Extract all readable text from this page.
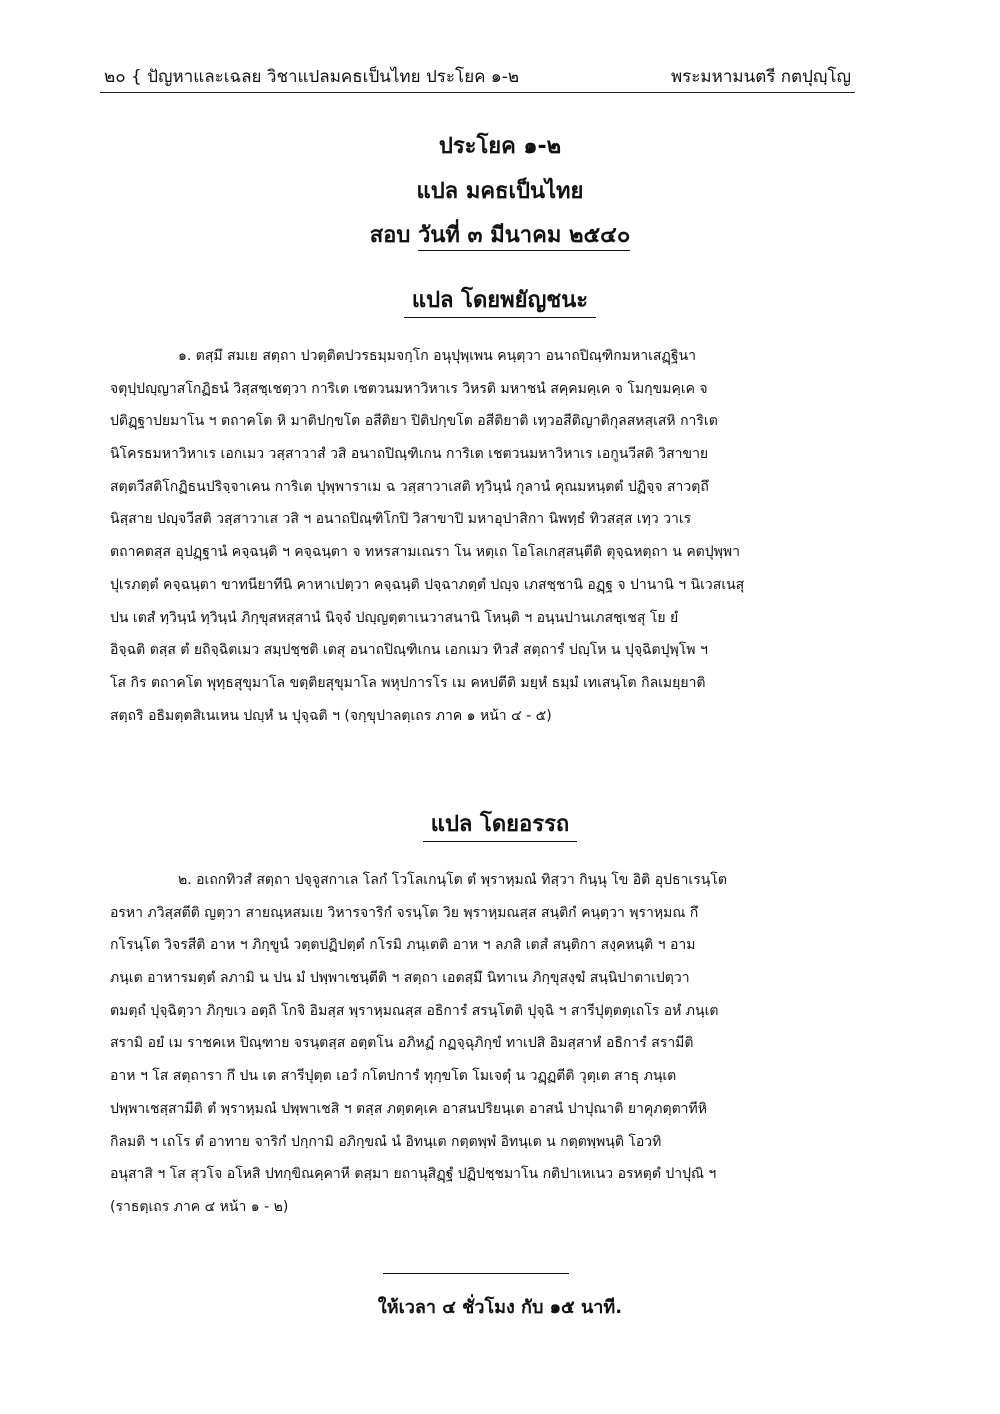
๒๐ { ปัญหาและเฉลย วิชาแปลมคธเป็นไทย ประโยค ๑-๒	พระมหามนตรี กตปุญฺโญ
ประโยค ๑-๒
แปล มคธเป็นไทย
สอบ วันที่ ๓ มีนาคม ๒๕๔๐
แปล โดยพยัญชนะ
๑. ตสฺมึ สมเย สตฺถา ปวตฺติตปวรธมฺมจกฺโก อนุปุพฺเพน คนฺตฺวา อนาถปิณฺฑิกมหาเสฏฺฐินา
จตุปฺปญฺญาสโกฏิธนํ วิสฺสชฺเชตฺวา การิเต เชตวนมหาวิหาเร วิหรติ มหาชนํ สคฺคมคฺเค จ โมกฺขมคฺเค จ
ปติฏฺฐาปยมาโน ฯ ตถาคโต หิ มาติปกฺขโต อสีติยา ปิติปกฺขโต อสีติยาติ เทฺวอสีติญาติกุลสหสฺเสหิ การิเต
นิโครธมหาวิหาเร เอกเมว วสฺสาวาสํ วสิ อนาถปิณฺฑิเกน การิเต เชตวนมหาวิหาเร เอกูนวีสติ วิสาขาย
สตฺตวีสติโกฏิธนปริจฺจาเคน การิเต ปุพฺพาราเม ฉ วสฺสาวาเสติ ทฺวินฺนํ กุลานํ คุณมหนฺตตํ ปฏิจฺจ สาวตฺถึ
นิสฺสาย ปญฺจวีสติ วสฺสาวาเส วสิ ฯ อนาถปิณฺฑิโกปิ วิสาขาปิ มหาอุปาสิกา นิพทฺธํ ทิวสสฺส เทฺว วาเร
ตถาคตสฺส อุปฏฺฐานํ คจฺฉนฺติ ฯ คจฺฉนฺตา จ ทหรสามเณรา โน หตฺเถ โอโลเกสฺสนฺตีติ ตุจฺฉหตฺถา น คตปุพฺพา
ปุเรภตฺตํ คจฺฉนฺตา ขาทนียาทีนิ คาหาเปตฺวา คจฺฉนฺติ ปจฺฉาภตฺตํ ปญฺจ เภสชฺชานิ อฏฺฐ จ ปานานิ ฯ นิเวสเนสุ
ปน เตสํ ทฺวินฺนํ ทฺวินฺนํ ภิกฺขุสหสฺสานํ นิจฺจํ ปญฺญตฺตาเนวาสนานิ โหนฺติ ฯ อนฺนปานเภสชฺเชสุ โย ยํ
อิจฺฉติ ตสฺส ตํ ยถิจฺฉิตเมว สมฺปชฺชติ เตสุ อนาถปิณฺฑิเกน เอกเมว ทิวสํ สตฺถารํ ปญฺโห น ปุจฺฉิตปุพฺโพ ฯ
โส กิร ตถาคโต พุทฺธสุขุมาโล ขตฺติยสุขุมาโล พหุปการโร เม คหปตีติ มยฺหํ ธมฺมํ เทเสนฺโต กิลเมยฺยาติ
สตฺถริ อธิมตฺตสิเนเหน ปญฺหํ น ปุจฺฉติ ฯ (จกฺขุปาลตฺเถร ภาค ๑ หน้า ๔ - ๕)
แปล โดยอรรถ
๒. อเถกทิวสํ สตฺถา ปจฺจูสกาเล โลกํ โวโลเกนฺโต ตํ พฺราหฺมณํ ทิสฺวา กินฺนุ โข อิติ อุปธาเรนฺโต
อรหา ภวิสฺสตีติ ญตฺวา สายณฺหสมเย วิหารจาริกํ จรนฺโต วิย พฺราหฺมณสฺส สนฺติกํ คนฺตฺวา พฺราหฺมณ กึ
กโรนฺโต วิจรสีติ อาห ฯ ภิกฺขูนํ วตฺตปฏิปตฺตํ กโรมิ ภนฺเตติ อาห ฯ ลภสิ เตสํ สนฺติกา สงฺคหนฺติ ฯ อาม
ภนฺเต อาหารมตฺตํ ลภามิ น ปน มํ ปพฺพาเชนฺตีติ ฯ สตฺถา เอตสฺมึ นิทาเน ภิกฺขุสงฺฆํ สนฺนิปาตาเปตฺวา
ตมตฺถํ ปุจฺฉิตฺวา ภิกฺขเว อตฺถิ โกจิ อิมสฺส พฺราหฺมณสฺส อธิการํ สรนฺโตติ ปุจฺฉิ ฯ สารีปุตฺตตฺเถโร อหํ ภนฺเต
สรามิ อยํ เม ราชคเห ปิณฺฑาย จรนฺตสฺส อตฺตโน อภิหฏํ กฏจฺฉุภิกฺขํ ทาเปสิ อิมสฺสาหํ อธิการํ สรามีติ
อาห ฯ โส สตฺถารา กึ ปน เต สารีปุตฺต เอวํ กโตปการํ ทุกฺขโต โมเจตุํ น วฏฺฏตีติ วุตฺเต สาธุ ภนฺเต
ปพฺพาเชสฺสามีติ ตํ พฺราหฺมณํ ปพฺพาเชสิ ฯ ตสฺส ภตฺตคฺเค อาสนปริยนฺเต อาสนํ ปาปุณาติ ยาคุภตฺตาทีหิ
กิลมติ ฯ เถโร ตํ อาทาย จาริกํ ปกฺกามิ อภิกฺขณํ นํ อิทนฺเต กตฺตพฺพํ อิทนฺเต น กตฺตพฺพนฺติ โอวทิ
อนุสาสิ ฯ โส สุวโจ อโหสิ ปทกฺขิณคฺคาหี ตสฺมา ยถานุสิฏฺฐํ ปฏิปชฺชมาโน กติปาเหเนว อรหตฺตํ ปาปุณิ ฯ
(ราธตฺเถร ภาค ๔ หน้า ๑ - ๒)
ให้เวลา ๔ ชั่วโมง กับ ๑๕ นาที.
